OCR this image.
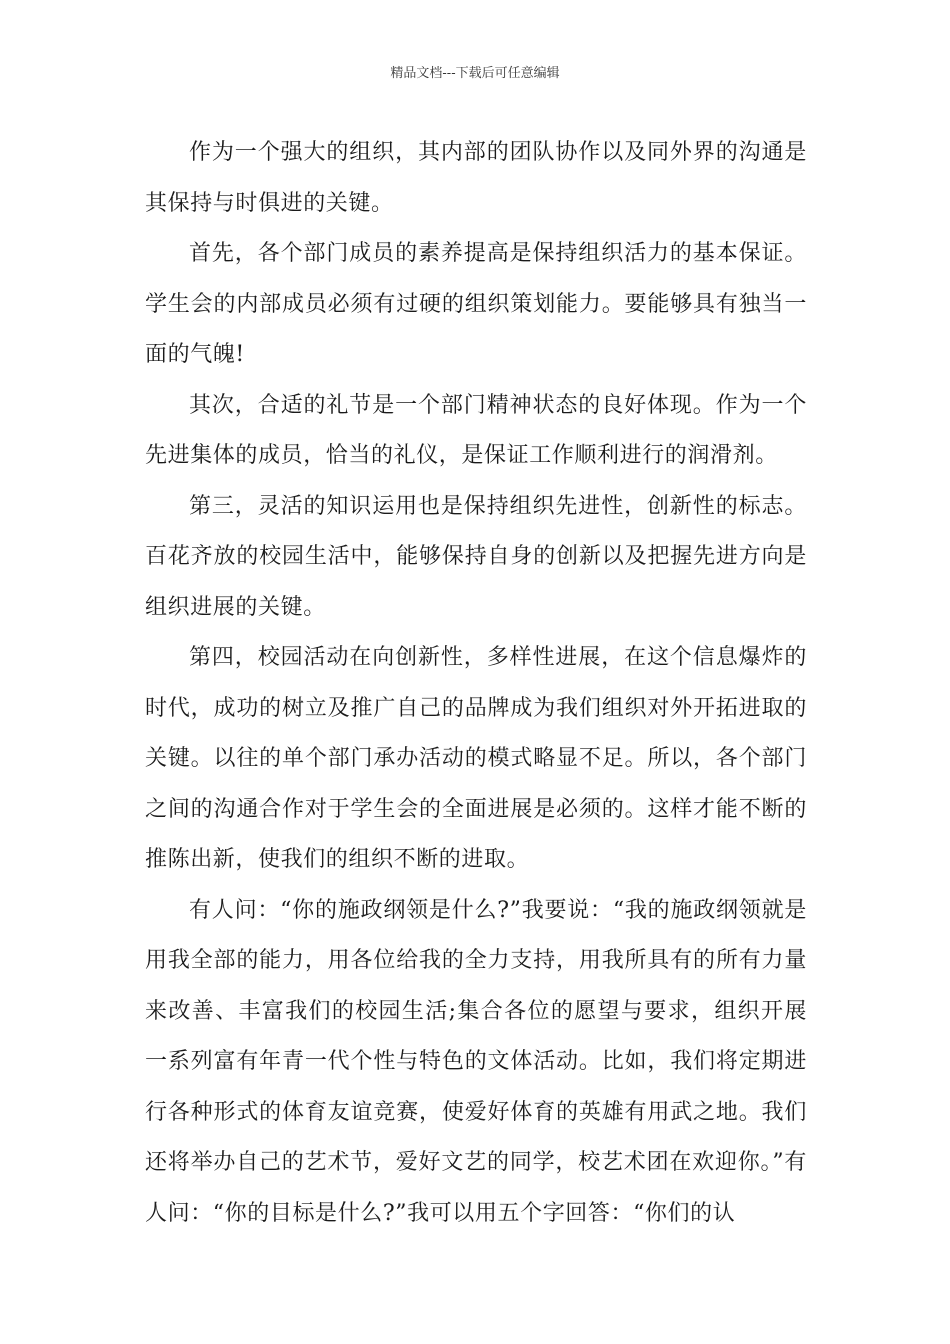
精品文档---下载后可任意编辑

作为一个强大的组织，其内部的团队协作以及同外界的沟通是其保持与时俱进的关键。

首先，各个部门成员的素养提高是保持组织活力的基本保证。学生会的内部成员必须有过硬的组织策划能力。要能够具有独当一面的气魄!

其次，合适的礼节是一个部门精神状态的良好体现。作为一个先进集体的成员，恰当的礼仪，是保证工作顺利进行的润滑剂。

第三，灵活的知识运用也是保持组织先进性，创新性的标志。百花齐放的校园生活中，能够保持自身的创新以及把握先进方向是组织进展的关键。

第四，校园活动在向创新性，多样性进展，在这个信息爆炸的时代，成功的树立及推广自己的品牌成为我们组织对外开拓进取的关键。以往的单个部门承办活动的模式略显不足。所以，各个部门之间的沟通合作对于学生会的全面进展是必须的。这样才能不断的推陈出新，使我们的组织不断的进取。

有人问：“你的施政纲领是什么?”我要说：“我的施政纲领就是用我全部的能力，用各位给我的全力支持，用我所具有的所有力量来改善、丰富我们的校园生活;集合各位的愿望与要求，组织开展一系列富有年青一代个性与特色的文体活动。比如，我们将定期进行各种形式的体育友谊竞赛，使爱好体育的英雄有用武之地。我们还将举办自己的艺术节，爱好文艺的同学，校艺术团在欢迎你。”有人问：“你的目标是什么?”我可以用五个字回答：“你们的认
